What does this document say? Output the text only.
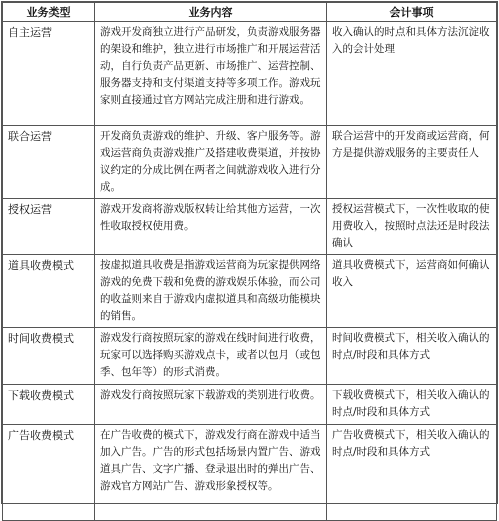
业务类型	业务内容	会计事项
自主运营	游戏开发商独立进行产品研发，负责游戏服务器的架设和维护，独立进行市场推广和开展运营活动，自行负责产品更新、市场推广、运营控制、服务器支持和支付渠道支持等多项工作。游戏玩家则直接通过官方网站完成注册和进行游戏。	收入确认的时点和具体方法沉淀收入的会计处理
联合运营	开发商负责游戏的维护、升级、客户服务等。游戏运营商负责游戏推广及搭建收费渠道，并按协议约定的分成比例在两者之间就游戏收入进行分成。	联合运营中的开发商或运营商，何方是提供游戏服务的主要责任人
授权运营	游戏开发商将游戏版权转让给其他方运营，一次性收取授权使用费。	授权运营模式下，一次性收取的使用费收入，按照时点法还是时段法确认
道具收费模式	按虚拟道具收费是指游戏运营商为玩家提供网络游戏的免费下载和免费的游戏娱乐体验，而公司的收益则来自于游戏内虚拟道具和高级功能模块的销售。	道具收费模式下，运营商如何确认收入
时间收费模式	游戏发行商按照玩家的游戏在线时间进行收费，玩家可以选择购买游戏点卡，或者以包月（或包季、包年等）的形式消费。	时间收费模式下，相关收入确认的时点/时段和具体方式
下载收费模式	游戏发行商按照玩家下载游戏的类别进行收费。	下载收费模式下，相关收入确认的时点/时段和具体方式
广告收费模式	在广告收费的模式下，游戏发行商在游戏中适当加入广告。广告的形式包括场景内置广告、游戏道具广告、文字广播、登录退出时的弹出广告、游戏官方网站广告、游戏形象授权等。	广告收费模式下，相关收入确认的时点/时段和具体方式
